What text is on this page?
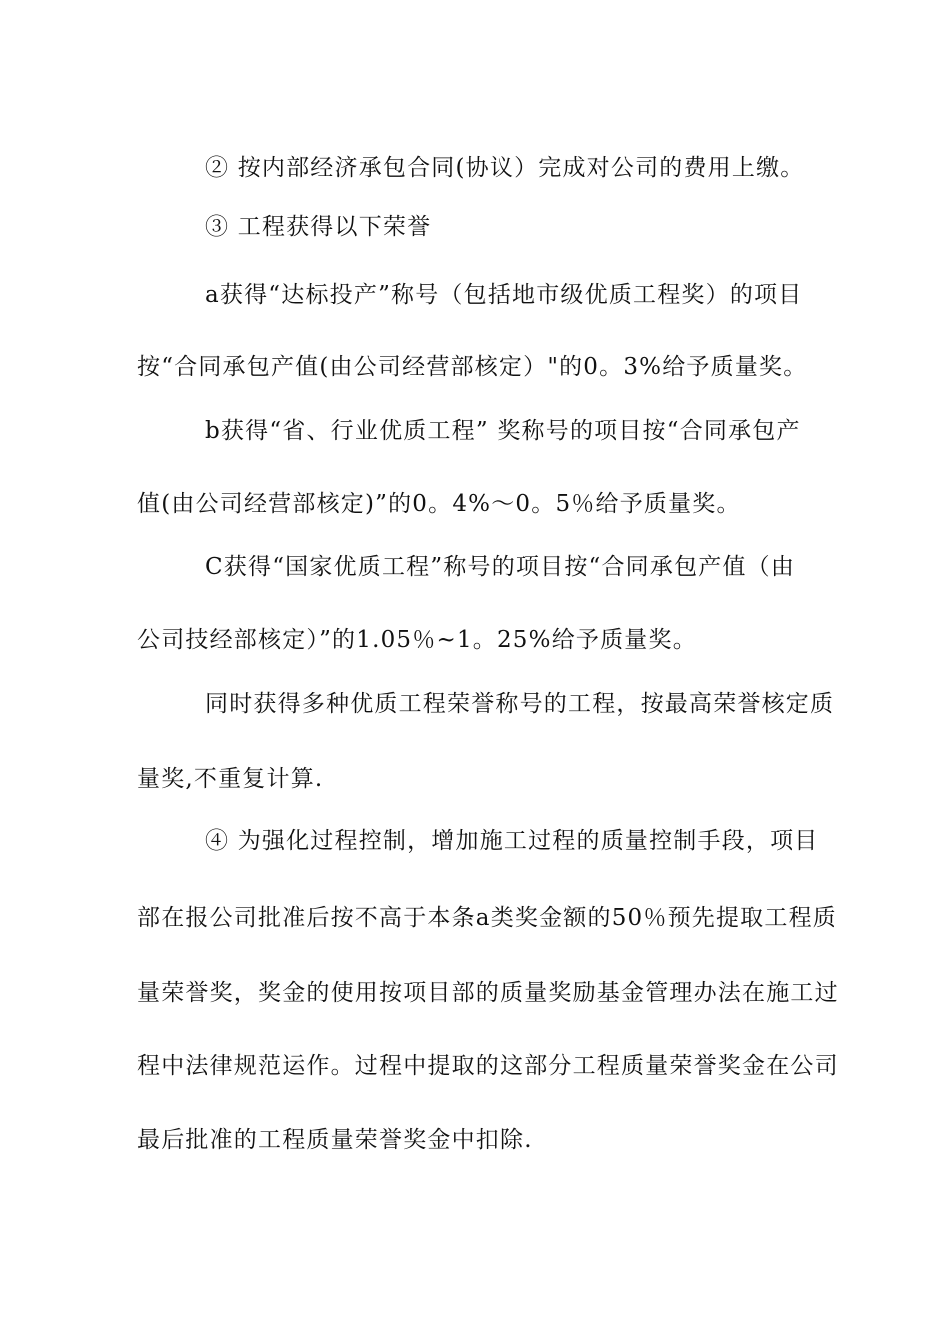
② 按内部经济承包合同(协议）完成对公司的费用上缴。
③ 工程获得以下荣誉
a获得“达标投产”称号（包括地市级优质工程奖）的项目
按“合同承包产值(由公司经营部核定）"的0。3%给予质量奖。
b获得“省、行业优质工程” 奖称号的项目按“合同承包产
值(由公司经营部核定)”的0。4%～0。5％给予质量奖。
C获得“国家优质工程”称号的项目按“合同承包产值（由
公司技经部核定）”的1.05％~1。25%给予质量奖。
同时获得多种优质工程荣誉称号的工程，按最高荣誉核定质
量奖,不重复计算.
④ 为强化过程控制，增加施工过程的质量控制手段，项目
部在报公司批准后按不高于本条a类奖金额的50％预先提取工程质
量荣誉奖，奖金的使用按项目部的质量奖励基金管理办法在施工过
程中法律规范运作。过程中提取的这部分工程质量荣誉奖金在公司
最后批准的工程质量荣誉奖金中扣除.
